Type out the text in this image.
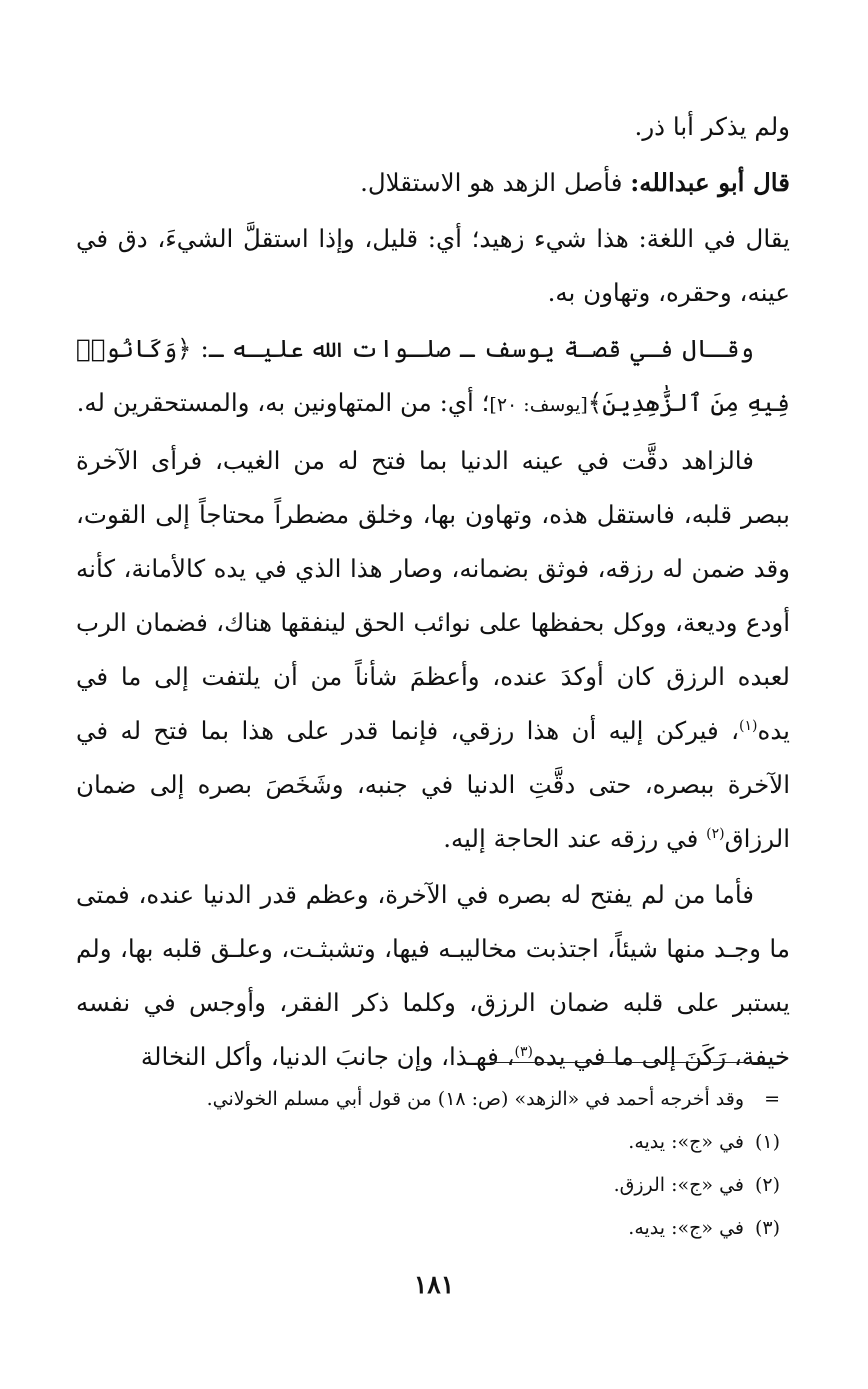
ولم يذكر أبا ذر.

قال أبو عبدالله: فأصل الزهد هو الاستقلال.

يقال في اللغة: هذا شيء زهيد؛ أي: قليل، وإذا استقلَّ الشيءَ، دق في عينه، وحقره، وتهاون به.

وقـال فـي قصـة يوسف ـ صلـوات الله عليـه ـ: ﴿وَكَانُوا۟ فِيهِ مِنَ ٱلزَّٰهِدِينَ﴾[يوسف: ٢٠]؛ أي: من المتهاونين به، والمستحقرين له.

فالزاهد دقَّت في عينه الدنيا بما فتح له من الغيب، فرأى الآخرة ببصر قلبه، فاستقل هذه، وتهاون بها، وخلق مضطراً محتاجاً إلى القوت، وقد ضمن له رزقه، فوثق بضمانه، وصار هذا الذي في يده كالأمانة، كأنه أودع وديعة، ووكل بحفظها على نوائب الحق لينفقها هناك، فضمان الرب لعبده الرزق كان أوكدَ عنده، وأعظمَ شأناً من أن يلتفت إلى ما في يده$^{(١)}$، فيركن إليه أن هذا رزقي، فإنما قدر على هذا بما فتح له في الآخرة ببصره، حتى دقَّتِ الدنيا في جنبه، وشَخَصَ بصره إلى ضمان الرزاق$^{(٢)}$ في رزقه عند الحاجة إليه.

فأما من لم يفتح له بصره في الآخرة، وعظم قدر الدنيا عنده، فمتى ما وجـد منها شيئاً، اجتذبت مخاليبـه فيها، وتشبثـت، وعلـق قلبه بها، ولم يستبر على قلبه ضمان الرزق، وكلما ذكر الفقر، وأوجس في نفسه خيفة، رَكَنَ إلى ما في يده$^{(٣)}$، فهـذا، وإن جانبَ الدنيا، وأكل النخالة

=وقد أخرجه أحمد في «الزهد» (ص: ١٨) من قول أبي مسلم الخولاني.

(١)في «ج»: يديه.

(٢)في «ج»: الرزق.

(٣)في «ج»: يديه.

١٨١
